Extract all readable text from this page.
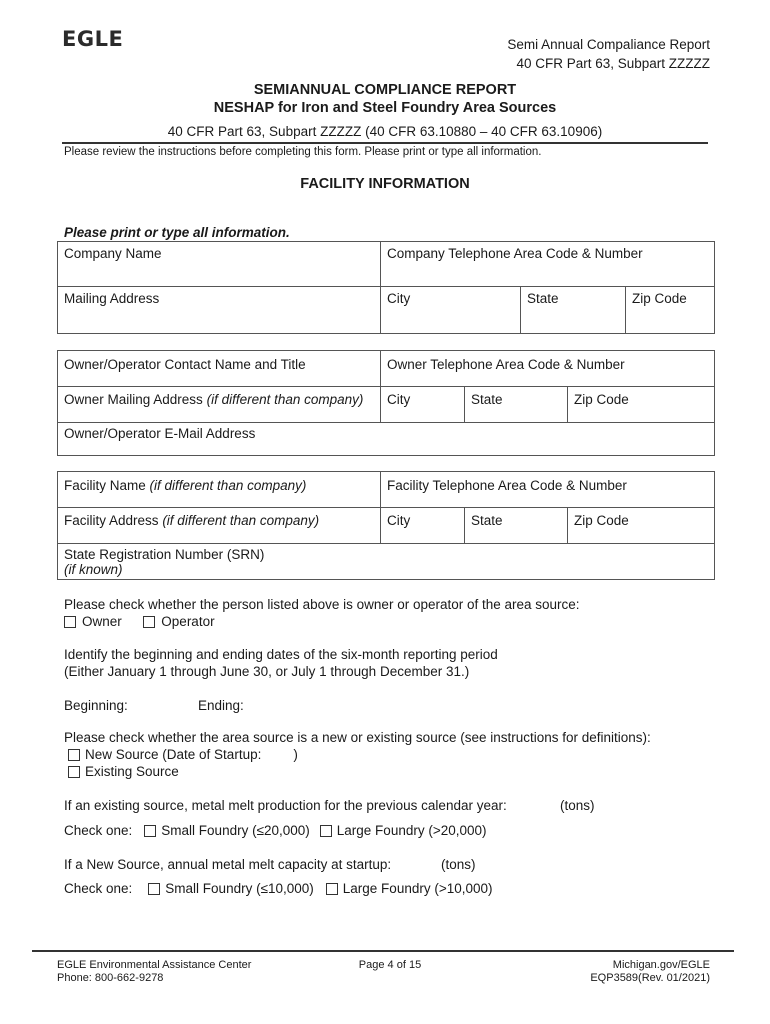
EGLE	Semi Annual Compaliance Report
40 CFR Part 63, Subpart ZZZZZ
SEMIANNUAL COMPLIANCE REPORT
NESHAP for Iron and Steel Foundry Area Sources
40 CFR Part 63, Subpart ZZZZZ (40 CFR 63.10880 – 40 CFR 63.10906)
Please review the instructions before completing this form. Please print or type all information.
FACILITY INFORMATION
Please print or type all information.
Company Name	Company Telephone Area Code & Number
Mailing Address	City	State	Zip Code
Owner/Operator Contact Name and Title	Owner Telephone Area Code & Number
Owner Mailing Address (if different than company)	City	State	Zip Code
Owner/Operator E-Mail Address
Facility Name (if different than company)	Facility Telephone Area Code & Number
Facility Address (if different than company)	City	State	Zip Code
State Registration Number (SRN)
(if known)
Please check whether the person listed above is owner or operator of the area source:
Owner	Operator
Identify the beginning and ending dates of the six-month reporting period
(Either January 1 through June 30, or July 1 through December 31.)
Beginning:	Ending:
Please check whether the area source is a new or existing source (see instructions for definitions):
New Source (Date of Startup: )
Existing Source
If an existing source, metal melt production for the previous calendar year:	(tons)
Check one: Small Foundry (≤20,000) Large Foundry (>20,000)
If a New Source, annual metal melt capacity at startup:	(tons)
Check one: Small Foundry (≤10,000) Large Foundry (>10,000)
EGLE Environmental Assistance Center
Phone: 800-662-9278
Page 4 of 15	Michigan.gov/EGLE
EQP3589(Rev. 01/2021)
